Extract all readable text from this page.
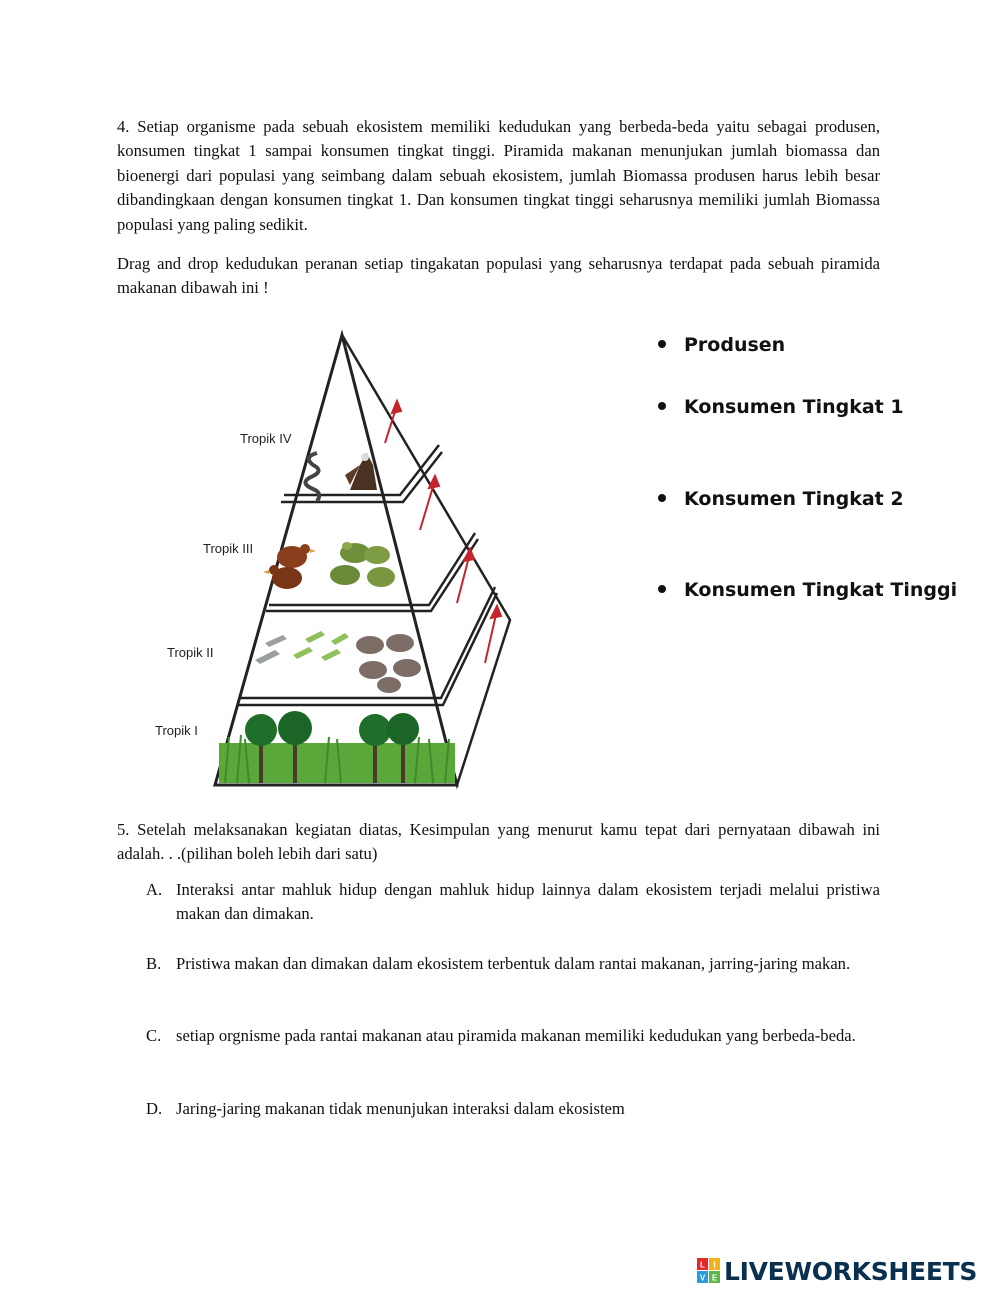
4. Setiap organisme pada sebuah ekosistem memiliki kedudukan yang berbeda-beda yaitu sebagai produsen, konsumen tingkat 1 sampai konsumen tingkat tinggi. Piramida makanan menunjukan jumlah biomassa dan bioenergi dari populasi yang seimbang dalam sebuah ekosistem, jumlah Biomassa produsen harus lebih besar dibandingkaan dengan konsumen tingkat 1. Dan konsumen tingkat tinggi seharusnya memiliki jumlah Biomassa populasi yang paling sedikit.

Drag and drop kedudukan peranan setiap tingakatan populasi yang seharusnya terdapat pada sebuah piramida makanan dibawah ini !

Tropik IV
Tropik III
Tropik II
Tropik I
Produsen
Konsumen Tingkat 1
Konsumen Tingkat 2
Konsumen Tingkat Tinggi

5. Setelah melaksanakan kegiatan diatas, Kesimpulan yang menurut kamu tepat dari pernyataan dibawah ini adalah. . .(pilihan boleh lebih dari satu)

A. Interaksi antar mahluk hidup dengan mahluk hidup lainnya dalam ekosistem terjadi melalui pristiwa makan dan dimakan.
B. Pristiwa makan dan dimakan dalam ekosistem terbentuk dalam rantai makanan, jarring-jaring makan.
C. setiap orgnisme pada rantai makanan atau piramida makanan memiliki kedudukan yang berbeda-beda.
D. Jaring-jaring makanan tidak menunjukan interaksi dalam ekosistem
L I
V E LIVEWORKSHEETS
